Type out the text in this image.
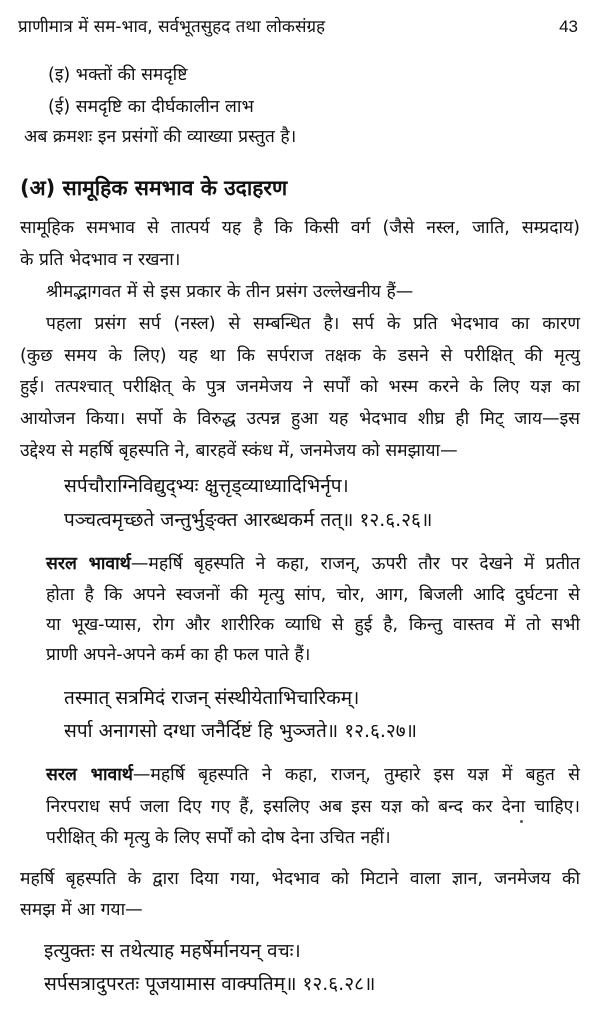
प्राणीमात्र में सम-भाव, सर्वभूतसुहद तथा लोकसंग्रह	43
(इ) भक्तों की समदृष्टि
(ई) समदृष्टि का दीर्घकालीन लाभ
अब क्रमशः इन प्रसंगों की व्याख्या प्रस्तुत है।
(अ) सामूहिक समभाव के उदाहरण
सामूहिक समभाव से तात्पर्य यह है कि किसी वर्ग (जैसे नस्ल, जाति, सम्प्रदाय)
के प्रति भेदभाव न रखना।
श्रीमद्भागवत में से इस प्रकार के तीन प्रसंग उल्लेखनीय हैं—
पहला प्रसंग सर्प (नस्ल) से सम्बन्धित है। सर्प के प्रति भेदभाव का कारण
(कुछ समय के लिए) यह था कि सर्पराज तक्षक के डसने से परीक्षित् की मृत्यु
हुई। तत्पश्चात् परीक्षित् के पुत्र जनमेजय ने सर्पों को भस्म करने के लिए यज्ञ का
आयोजन किया। सर्पो के विरुद्ध उत्पन्न हुआ यह भेदभाव शीघ्र ही मिट् जाय—इस
उद्देश्य से महर्षि बृहस्पति ने, बारहवें स्कंध में, जनमेजय को समझाया—
सर्पचौराग्निविद्युद्भ्यः क्षुत्तृड्व्याध्यादिभिर्नृप।
पञ्चत्वमृच्छते जन्तुर्भुङ्क्त आरब्धकर्म तत्॥ १२.६.२६॥
सरल भावार्थ—महर्षि बृहस्पति ने कहा, राजन्, ऊपरी तौर पर देखने में प्रतीत
होता है कि अपने स्वजनों की मृत्यु सांप, चोर, आग, बिजली आदि दुर्घटना से
या भूख-प्यास, रोग और शारीरिक व्याधि से हुई है, किन्तु वास्तव में तो सभी
प्राणी अपने-अपने कर्म का ही फल पाते हैं।
तस्मात् सत्रमिदं राजन् संस्थीयेताभिचारिकम्।
सर्पा अनागसो दग्धा जनैर्दिष्टं हि भुञ्जते॥ १२.६.२७॥
सरल भावार्थ—महर्षि बृहस्पति ने कहा, राजन्, तुम्हारे इस यज्ञ में बहुत से
निरपराध सर्प जला दिए गए हैं, इसलिए अब इस यज्ञ को बन्द कर देना चाहिए।
परीक्षित् की मृत्यु के लिए सर्पों को दोष देना उचित नहीं।
महर्षि बृहस्पति के द्वारा दिया गया, भेदभाव को मिटाने वाला ज्ञान, जनमेजय की
समझ में आ गया—
इत्युक्तः स तथेत्याह महर्षेर्मानयन् वचः।
सर्पसत्रादुपरतः पूजयामास वाक्पतिम्॥ १२.६.२८॥
